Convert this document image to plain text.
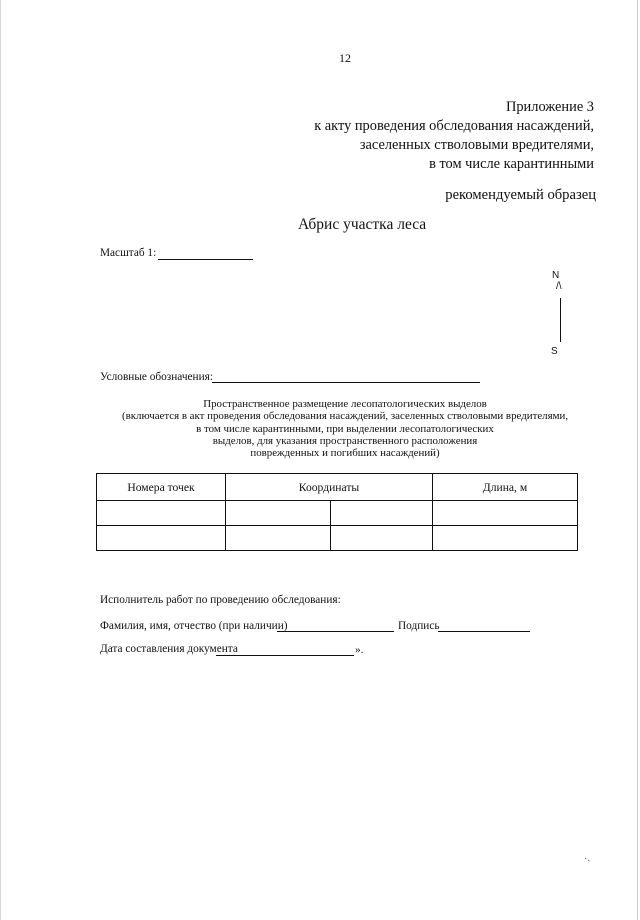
12
Приложение 3
к акту проведения обследования насаждений,
заселенных стволовыми вредителями,
в том числе карантинными
рекомендуемый образец
Абрис участка леса
Масштаб 1:
N
/\
S
Условные обозначения:
Пространственное размещение лесопатологических выделов
(включается в акт проведения обследования насаждений, заселенных стволовыми вредителями,
в том числе карантинными, при выделении лесопатологических
выделов, для указания пространственного расположения
поврежденных и погибших насаждений)
Номера точек	Координаты		Длина, м

Исполнитель работ по проведению обследования:
Фамилия, имя, отчество (при наличии)	Подпись
Дата составления документа	».
·.
